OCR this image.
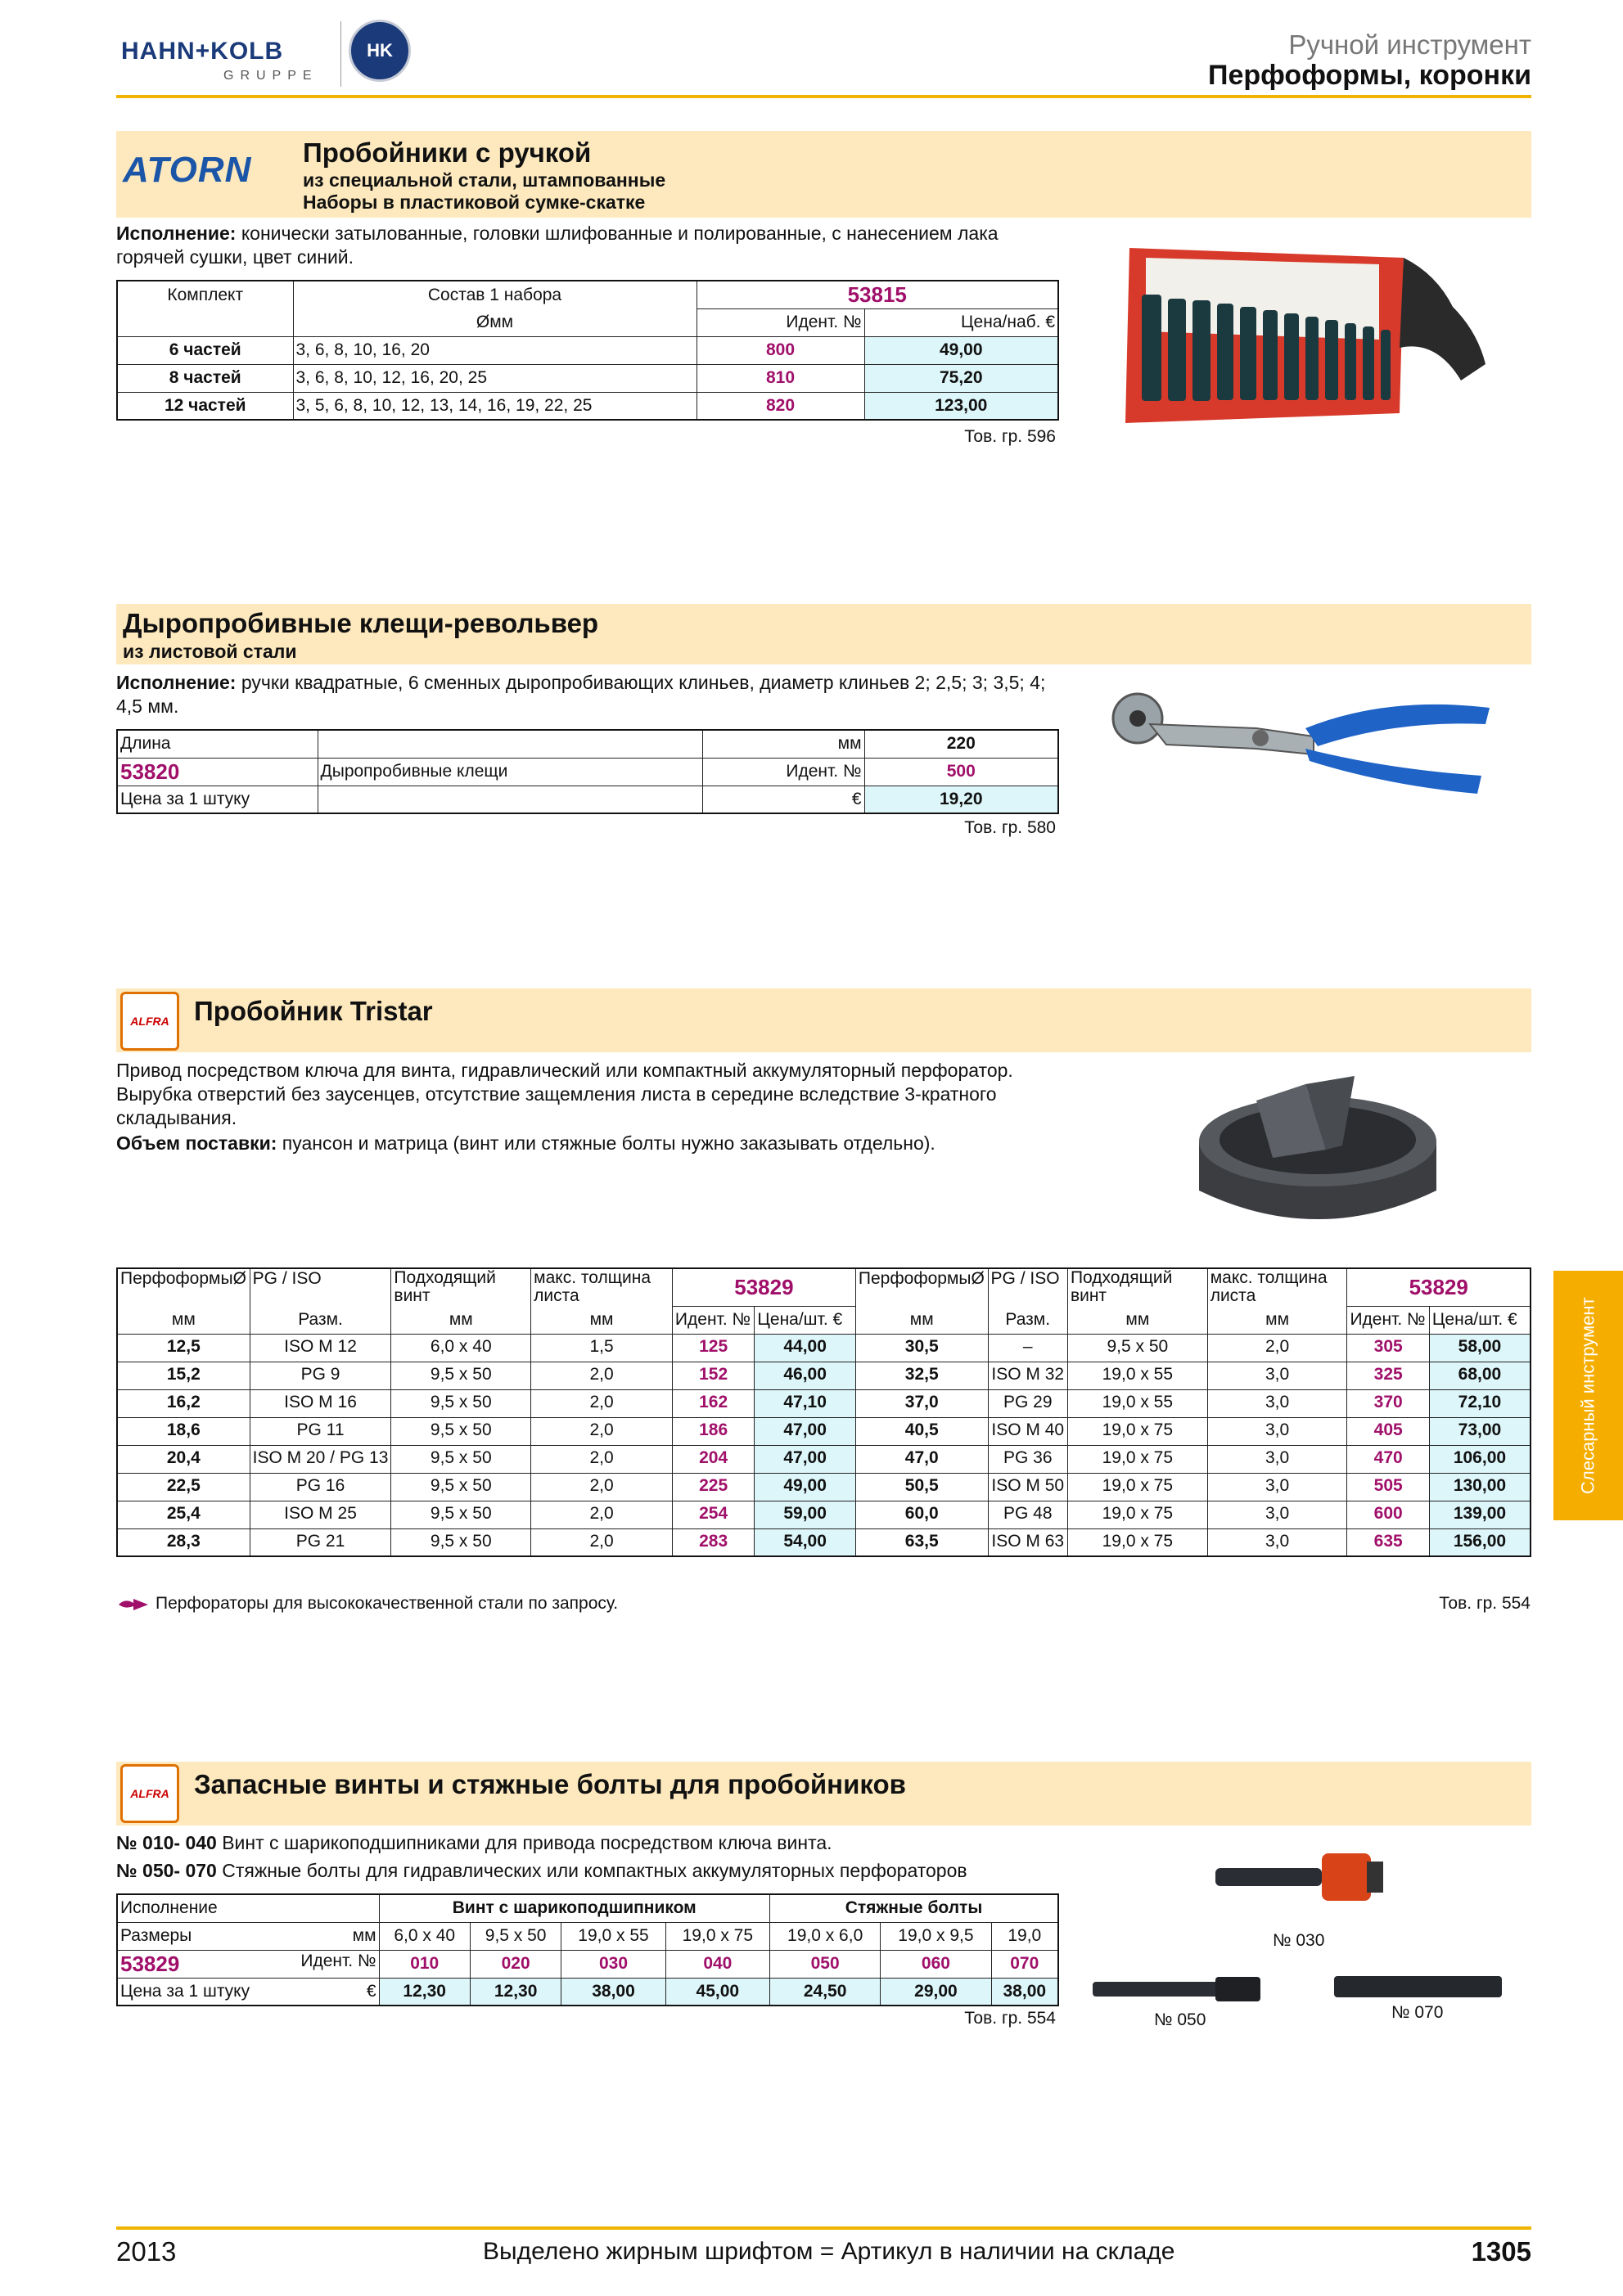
HAHN+KOLB
GRUPPE
HK	Ручной инструмент
Перфоформы, коронки
ATORN Пробойники с ручкой
из специальной стали, штампованные
Наборы в пластиковой сумке-скатке
Исполнение: конически затылованные, головки шлифованные и полированные, с нанесением лака горячей сушки, цвет синий.
Комплект	Состав 1 набора	53815	
	Øмм	Идент. №	Цена/наб. €
6 частей	3, 6, 8, 10, 16, 20	800	49,00
8 частей	3, 6, 8, 10, 12, 16, 20, 25	810	75,20
12 частей	3, 5, 6, 8, 10, 12, 13, 14, 16, 19, 22, 25	820	123,00
Тов. гр. 596
Дыропробивные клещи-револьвер
из листовой стали
Исполнение: ручки квадратные, 6 сменных дыропробивающих клиньев, диаметр клиньев 2; 2,5; 3; 3,5; 4; 4,5 мм.
Длина		мм	220
53820	Дыропробивные клещи	Идент. №	500
Цена за 1 штуку		€	19,20
Тов. гр. 580
ALFRA Пробойник Tristar
Привод посредством ключа для винта, гидравлический или компактный аккумуляторный перфоратор.
Вырубка отверстий без заусенцев, отсутствие защемления листа в середине вследствие 3-кратного складывания.
Объем поставки: пуансон и матрица (винт или стяжные болты нужно заказывать отдельно).
ПерфоформыØ	PG / ISO	Подходящий винт	макс. толщина листа	53829		ПерфоформыØ	PG / ISO	Подходящий винт	макс. толщина листа	53829	
мм	Разм.	мм	мм	Идент. №	Цена/шт. €	мм	Разм.	мм	мм	Идент. №	Цена/шт. €
12,5	ISO M 12	6,0 x 40	1,5	125	44,00	30,5	–	9,5 x 50	2,0	305	58,00
15,2	PG 9	9,5 x 50	2,0	152	46,00	32,5	ISO M 32	19,0 x 55	3,0	325	68,00
16,2	ISO M 16	9,5 x 50	2,0	162	47,10	37,0	PG 29	19,0 x 55	3,0	370	72,10
18,6	PG 11	9,5 x 50	2,0	186	47,00	40,5	ISO M 40	19,0 x 75	3,0	405	73,00
20,4	ISO M 20 / PG 13	9,5 x 50	2,0	204	47,00	47,0	PG 36	19,0 x 75	3,0	470	106,00
22,5	PG 16	9,5 x 50	2,0	225	49,00	50,5	ISO M 50	19,0 x 75	3,0	505	130,00
25,4	ISO M 25	9,5 x 50	2,0	254	59,00	60,0	PG 48	19,0 x 75	3,0	600	139,00
28,3	PG 21	9,5 x 50	2,0	283	54,00	63,5	ISO M 63	19,0 x 75	3,0	635	156,00
Перфораторы для высококачественной стали по запросу.	Тов. гр. 554
ALFRA Запасные винты и стяжные болты для пробойников
№ 010- 040 Винт с шарикоподшипниками для привода посредством ключа винта.
№ 050- 070 Стяжные болты для гидравлических или компактных аккумуляторных перфораторов
Исполнение	Винт с шарикоподшипником				Стяжные болты		
Размеры мм	6,0 x 40	9,5 x 50	19,0 x 55	19,0 x 75	19,0 x 6,0	19,0 x 9,5	19,0
53829 Идент. №	010	020	030	040	050	060	070
Цена за 1 штуку €	12,30	12,30	38,00	45,00	24,50	29,00	38,00
Тов. гр. 554
№ 030
№ 050	№ 070
Слесарный инструмент
2013	Выделено жирным шрифтом = Артикул в наличии на складе	1305
